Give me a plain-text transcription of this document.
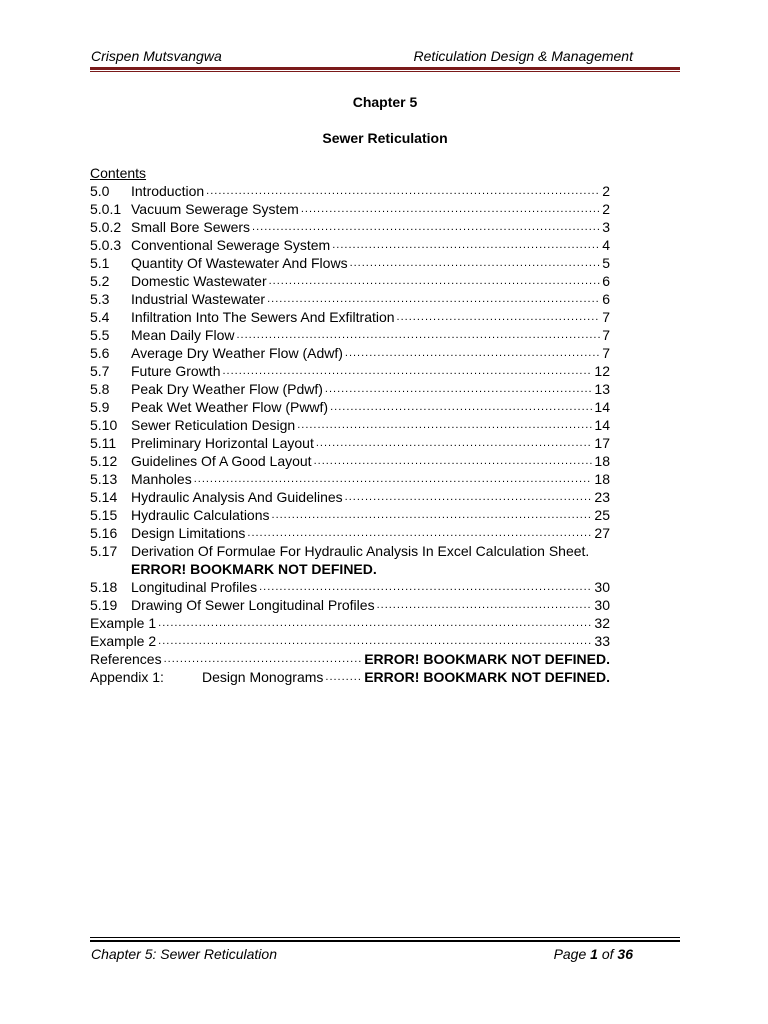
Crispen Mutsvangwa	Reticulation Design & Management
Chapter 5
Sewer Reticulation
Contents
5.0	Introduction .....	2
5.0.1 Vacuum Sewerage System .....	2
5.0.2 Small Bore Sewers .....	3
5.0.3 Conventional Sewerage System .....	4
5.1	Quantity Of Wastewater And Flows .....	5
5.2	Domestic Wastewater .....	6
5.3	Industrial Wastewater .....	6
5.4	Infiltration Into The Sewers And Exfiltration .....	7
5.5	Mean Daily Flow .....	7
5.6	Average Dry Weather Flow (Adwf) .....	7
5.7	Future Growth .....	12
5.8	Peak Dry Weather Flow (Pdwf) .....	13
5.9	Peak Wet Weather Flow (Pwwf) .....	14
5.10 Sewer Reticulation Design .....	14
5.11	Preliminary Horizontal Layout .....	17
5.12 Guidelines Of A Good Layout .....	18
5.13 Manholes .....	18
5.14 Hydraulic Analysis And Guidelines .....	23
5.15 Hydraulic Calculations .....	25
5.16 Design Limitations .....	27
5.17 Derivation Of Formulae For Hydraulic Analysis In Excel Calculation Sheet.
ERROR! BOOKMARK NOT DEFINED.
5.18 Longitudinal Profiles .....	30
5.19 Drawing Of Sewer Longitudinal Profiles .....	30
Example 1 .....	32
Example 2 .....	33
References .....	ERROR! BOOKMARK NOT DEFINED.
Appendix 1:	Design Monograms .....	ERROR! BOOKMARK NOT DEFINED.
Chapter 5: Sewer Reticulation	Page 1 of 36
